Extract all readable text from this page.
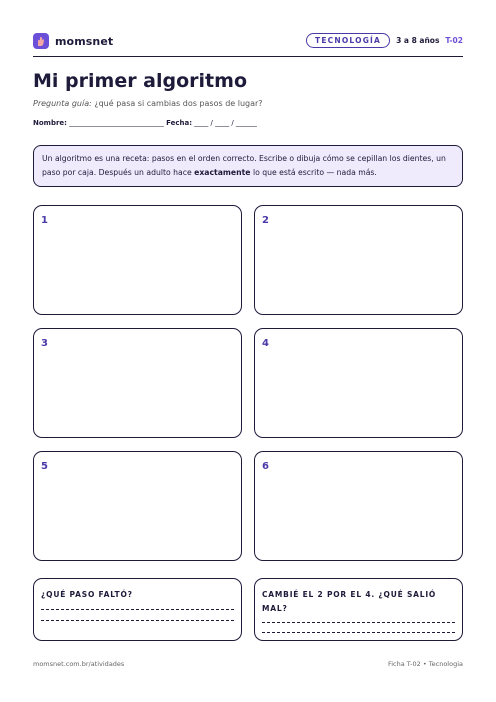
momsnet	TECNOLOGÍA	3 a 8 años T-02
Mi primer algoritmo
Pregunta guía: ¿qué pasa si cambias dos pasos de lugar?
Nombre: ___________________________ Fecha: ____ / ____ / ______
Un algoritmo es una receta: pasos en el orden correcto. Escribe o dibuja cómo se cepillan los dientes, un paso por caja. Después un adulto hace exactamente lo que está escrito — nada más.
1	2
3	4
5	6
¿QUÉ PASO FALTÓ?	CAMBIÉ EL 2 POR EL 4. ¿QUÉ SALIÓ MAL?
momsnet.com.br/atividades	Ficha T-02 • Tecnologia
